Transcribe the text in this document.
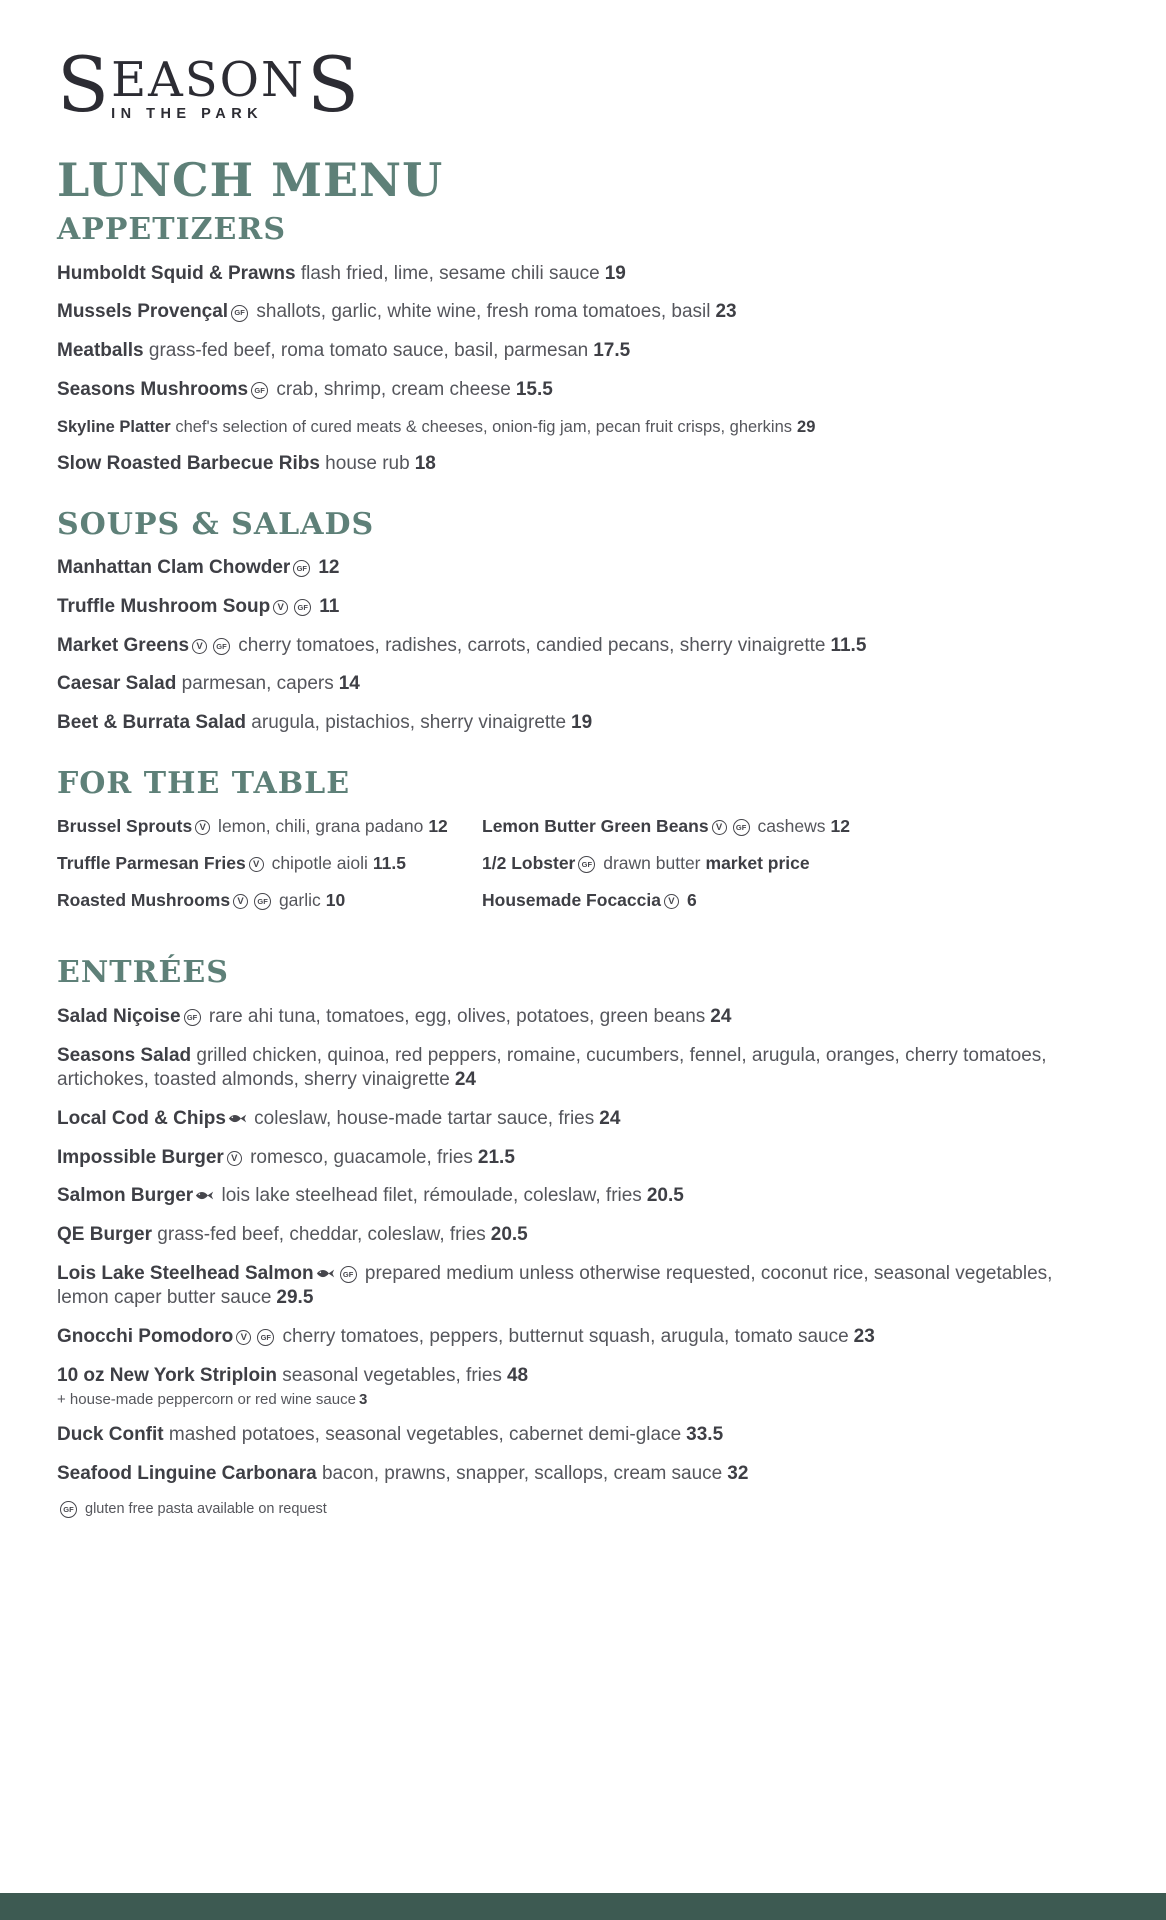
S EASON
IN THE PARK S
LUNCH MENU
APPETIZERS
Humboldt Squid & Prawns flash fried, lime, sesame chili sauce 19
Mussels Provençal GF shallots, garlic, white wine, fresh roma tomatoes, basil 23
Meatballs grass-fed beef, roma tomato sauce, basil, parmesan 17.5
Seasons Mushrooms GF crab, shrimp, cream cheese 15.5
Skyline Platter chef's selection of cured meats & cheeses, onion-fig jam, pecan fruit crisps, gherkins 29
Slow Roasted Barbecue Ribs house rub 18
SOUPS & SALADS
Manhattan Clam Chowder GF 12
Truffle Mushroom Soup V GF 11
Market Greens V GF cherry tomatoes, radishes, carrots, candied pecans, sherry vinaigrette 11.5
Caesar Salad parmesan, capers 14
Beet & Burrata Salad arugula, pistachios, sherry vinaigrette 19
FOR THE TABLE
Brussel Sprouts V lemon, chili, grana padano 12	Lemon Butter Green Beans V GF cashews 12
Truffle Parmesan Fries V chipotle aioli 11.5	1/2 Lobster GF drawn butter market price
Roasted Mushrooms V GF garlic 10	Housemade Focaccia V 6
ENTRÉES
Salad Niçoise GF rare ahi tuna, tomatoes, egg, olives, potatoes, green beans 24
Seasons Salad grilled chicken, quinoa, red peppers, romaine, cucumbers, fennel, arugula, oranges, cherry tomatoes, artichokes, toasted almonds, sherry vinaigrette 24
Local Cod & Chips
coleslaw, house-made tartar sauce, fries 24
Impossible Burger V romesco, guacamole, fries 21.5
Salmon Burger
lois lake steelhead filet, rémoulade, coleslaw, fries 20.5
QE Burger grass-fed beef, cheddar, coleslaw, fries 20.5
Lois Lake Steelhead Salmon	GF prepared medium unless otherwise requested, coconut rice, seasonal vegetables, lemon caper butter sauce 29.5
Gnocchi Pomodoro V GF cherry tomatoes, peppers, butternut squash, arugula, tomato sauce 23
10 oz New York Striploin seasonal vegetables, fries 48
+ house-made peppercorn or red wine sauce 3
Duck Confit mashed potatoes, seasonal vegetables, cabernet demi-glace 33.5
Seafood Linguine Carbonara bacon, prawns, snapper, scallops, cream sauce 32
GF gluten free pasta available on request
